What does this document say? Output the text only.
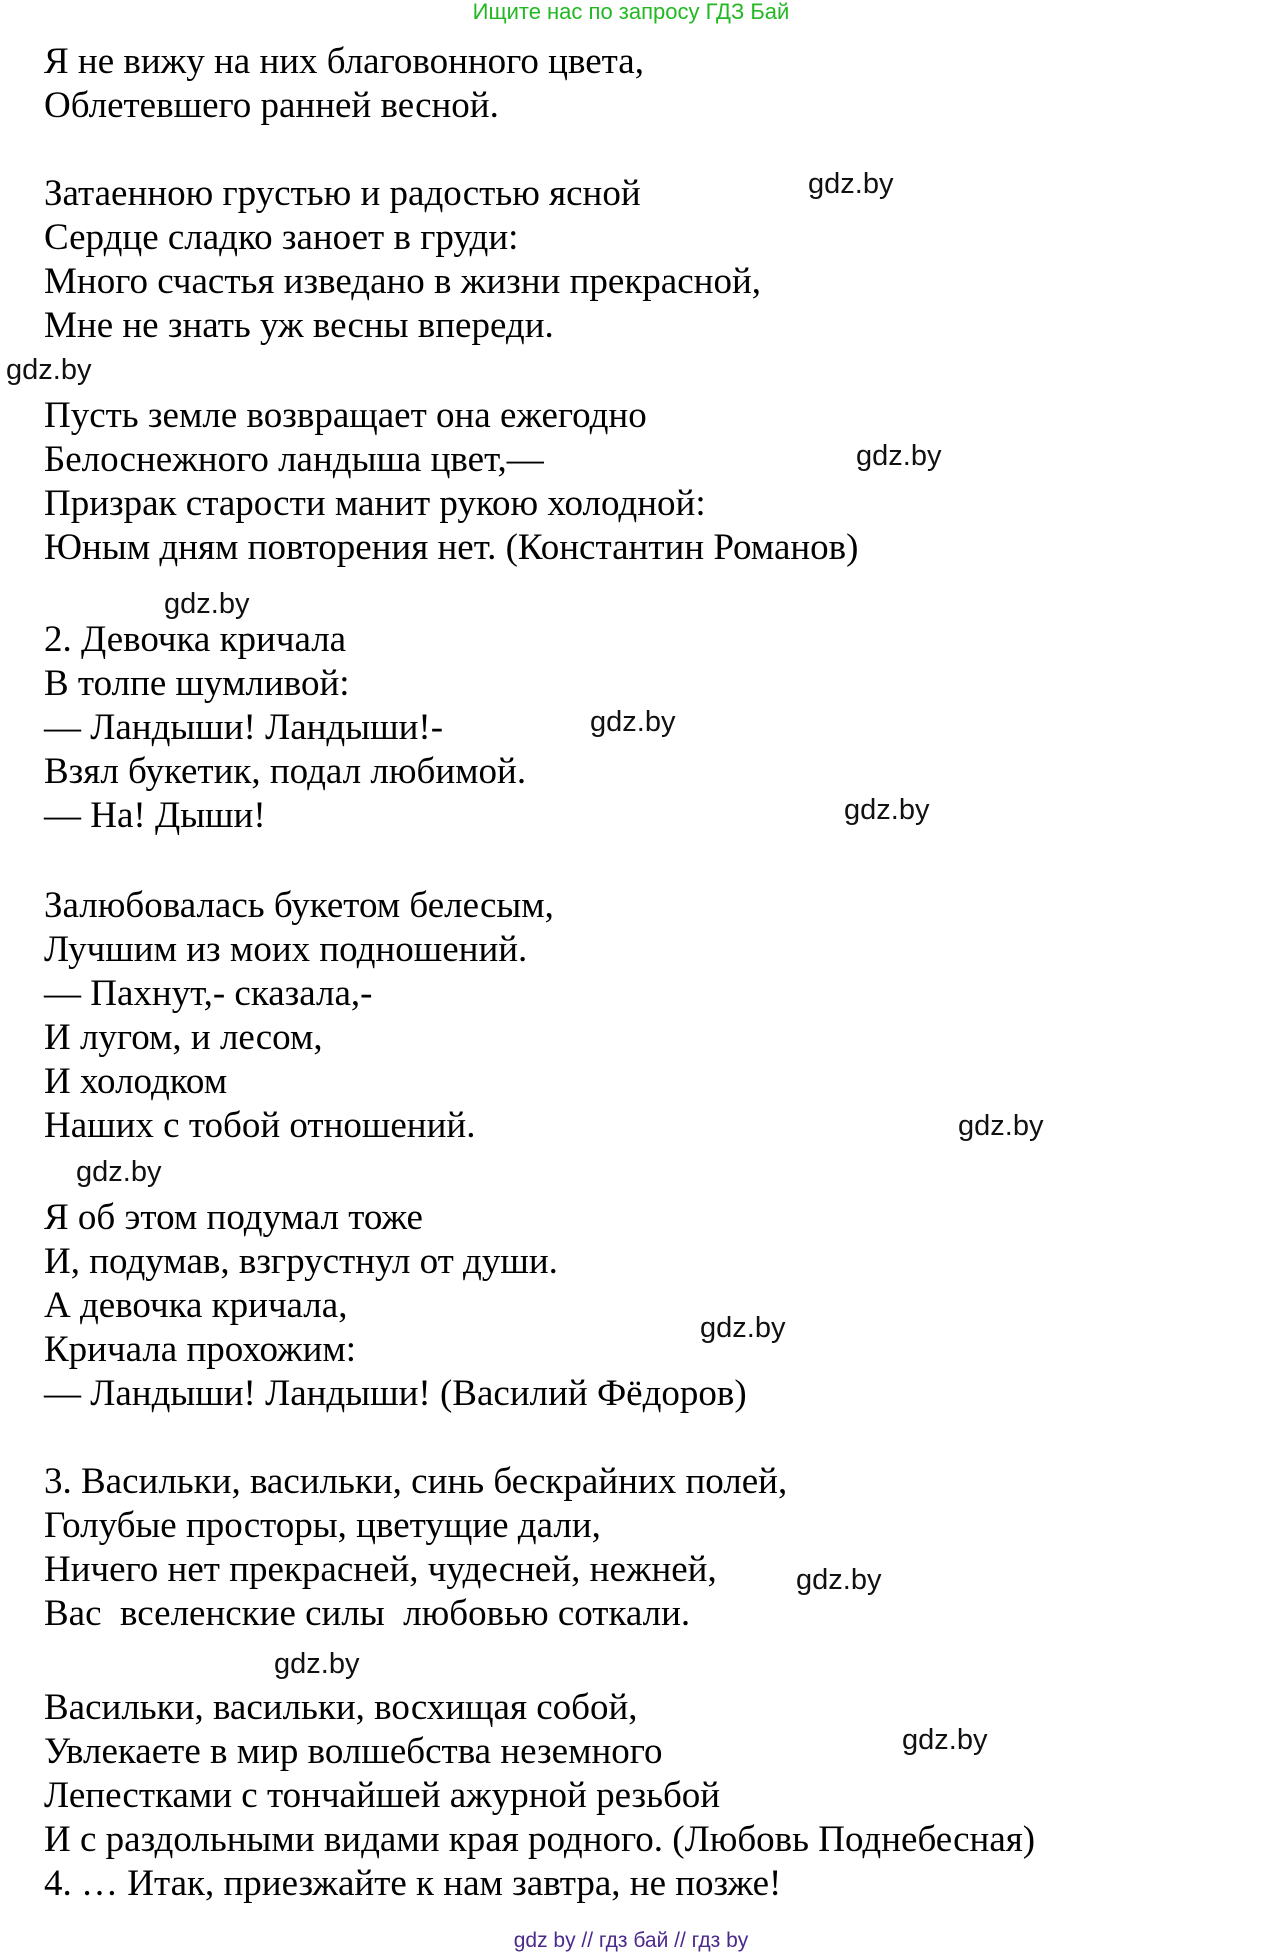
Ищите нас по запросу ГДЗ Бай
Я не вижу на них благовонного цвета,
Облетевшего ранней весной.
Затаенною грустью и радостью ясной
Сердце сладко заноет в груди:
Много счастья изведано в жизни прекрасной,
Мне не знать уж весны впереди.
Пусть земле возвращает она ежегодно
Белоснежного ландыша цвет,—
Призрак старости манит рукою холодной:
Юным дням повторения нет. (Константин Романов)
2. Девочка кричала
В толпе шумливой:
— Ландыши! Ландыши!-
Взял букетик, подал любимой.
— На! Дыши!
Залюбовалась букетом белесым,
Лучшим из моих подношений.
— Пахнут,- сказала,-
И лугом, и лесом,
И холодком
Наших с тобой отношений.
Я об этом подумал тоже
И, подумав, взгрустнул от души.
А девочка кричала,
Кричала прохожим:
— Ландыши! Ландыши! (Василий Фёдоров)
3. Васильки, васильки, синь бескрайних полей,
Голубые просторы, цветущие дали,
Ничего нет прекрасней, чудесней, нежней,
Вас  вселенские силы  любовью соткали.
Васильки, васильки, восхищая собой,
Увлекаете в мир волшебства неземного
Лепестками с тончайшей ажурной резьбой
И с раздольными видами края родного. (Любовь Поднебесная)
4. … Итак, приезжайте к нам завтра, не позже!
gdz.by
gdz.by
gdz.by
gdz.by
gdz.by
gdz.by
gdz.by
gdz.by
gdz.by
gdz.by
gdz.by
gdz.by
gdz by // гдз бай // гдз by
